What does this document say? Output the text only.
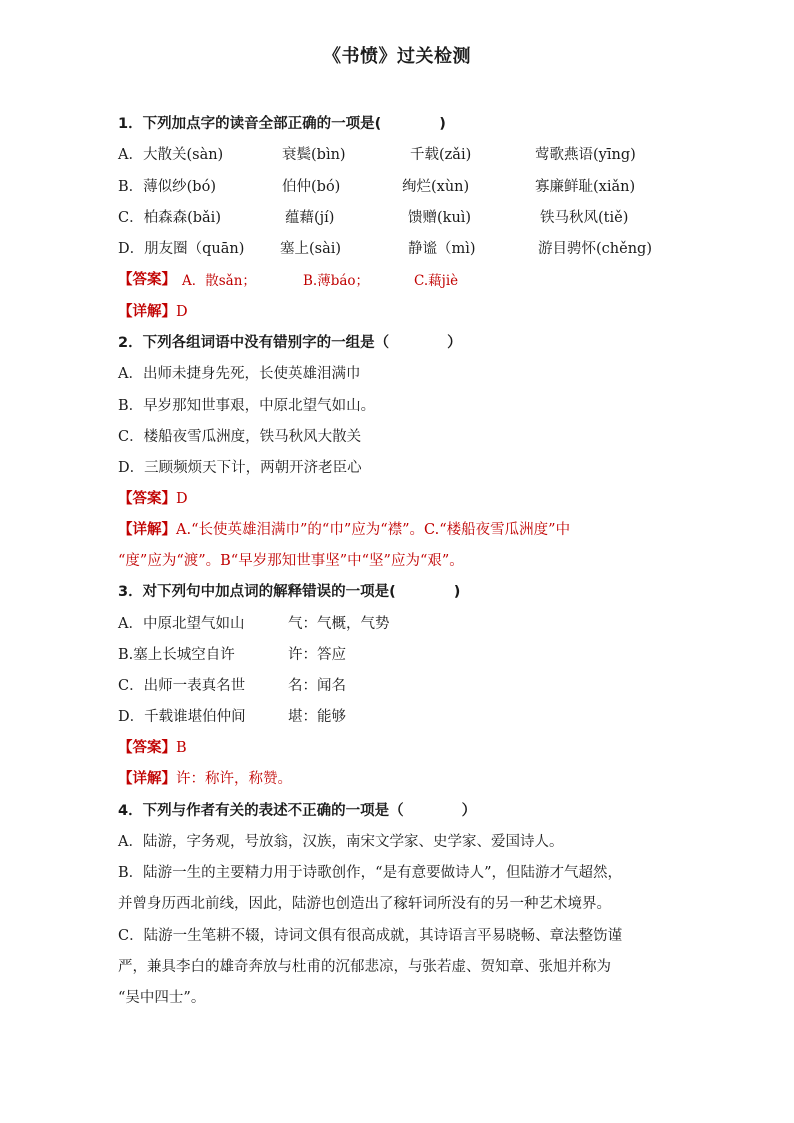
《书愤》过关检测
1．下列加点字的读音全部正确的一项是(　　　　)
A．大散关(sàn)	衰鬓(bìn)	千载(zǎi)	莺歌燕语(yīng)
B．薄似纱(bó)	伯仲(bó)	绚烂(xùn)	寡廉鲜耻(xiǎn)
C．柏森森(bǎi)	蕴藉(jí)	馈赠(kuì)	铁马秋风(tiě)
D．朋友圈（quān) 塞上(sài)	静谧（mì)	游目骋怀(chěng)
【答案】 A．散sǎn；	B.薄báo；	C.藉jiè
【详解】D
2．下列各组词语中没有错别字的一组是（　　　　）
A．出师未捷身先死，长使英雄泪满巾
B．早岁那知世事艰，中原北望气如山。
C．楼船夜雪瓜洲度，铁马秋风大散关
D．三顾频烦天下计，两朝开济老臣心
【答案】D
【详解】A.“长使英雄泪满巾”的“巾”应为“襟”。C.“楼船夜雪瓜洲度”中
“度”应为“渡”。B“早岁那知世事坚”中“坚”应为“艰”。
3．对下列句中加点词的解释错误的一项是(　　　　)
A．中原北望气如山	气：气概，气势
B.塞上长城空自许	许：答应
C．出师一表真名世	名：闻名
D．千载谁堪伯仲间	堪：能够
【答案】B
【详解】许：称许，称赞。
4．下列与作者有关的表述不正确的一项是（　　　　）
A．陆游，字务观，号放翁，汉族，南宋文学家、史学家、爱国诗人。
B．陆游一生的主要精力用于诗歌创作，“是有意要做诗人”，但陆游才气超然，
并曾身历西北前线，因此，陆游也创造出了稼轩词所没有的另一种艺术境界。
C．陆游一生笔耕不辍，诗词文俱有很高成就，其诗语言平易晓畅、章法整饬谨
严，兼具李白的雄奇奔放与杜甫的沉郁悲凉，与张若虚、贺知章、张旭并称为
“吴中四士”。
